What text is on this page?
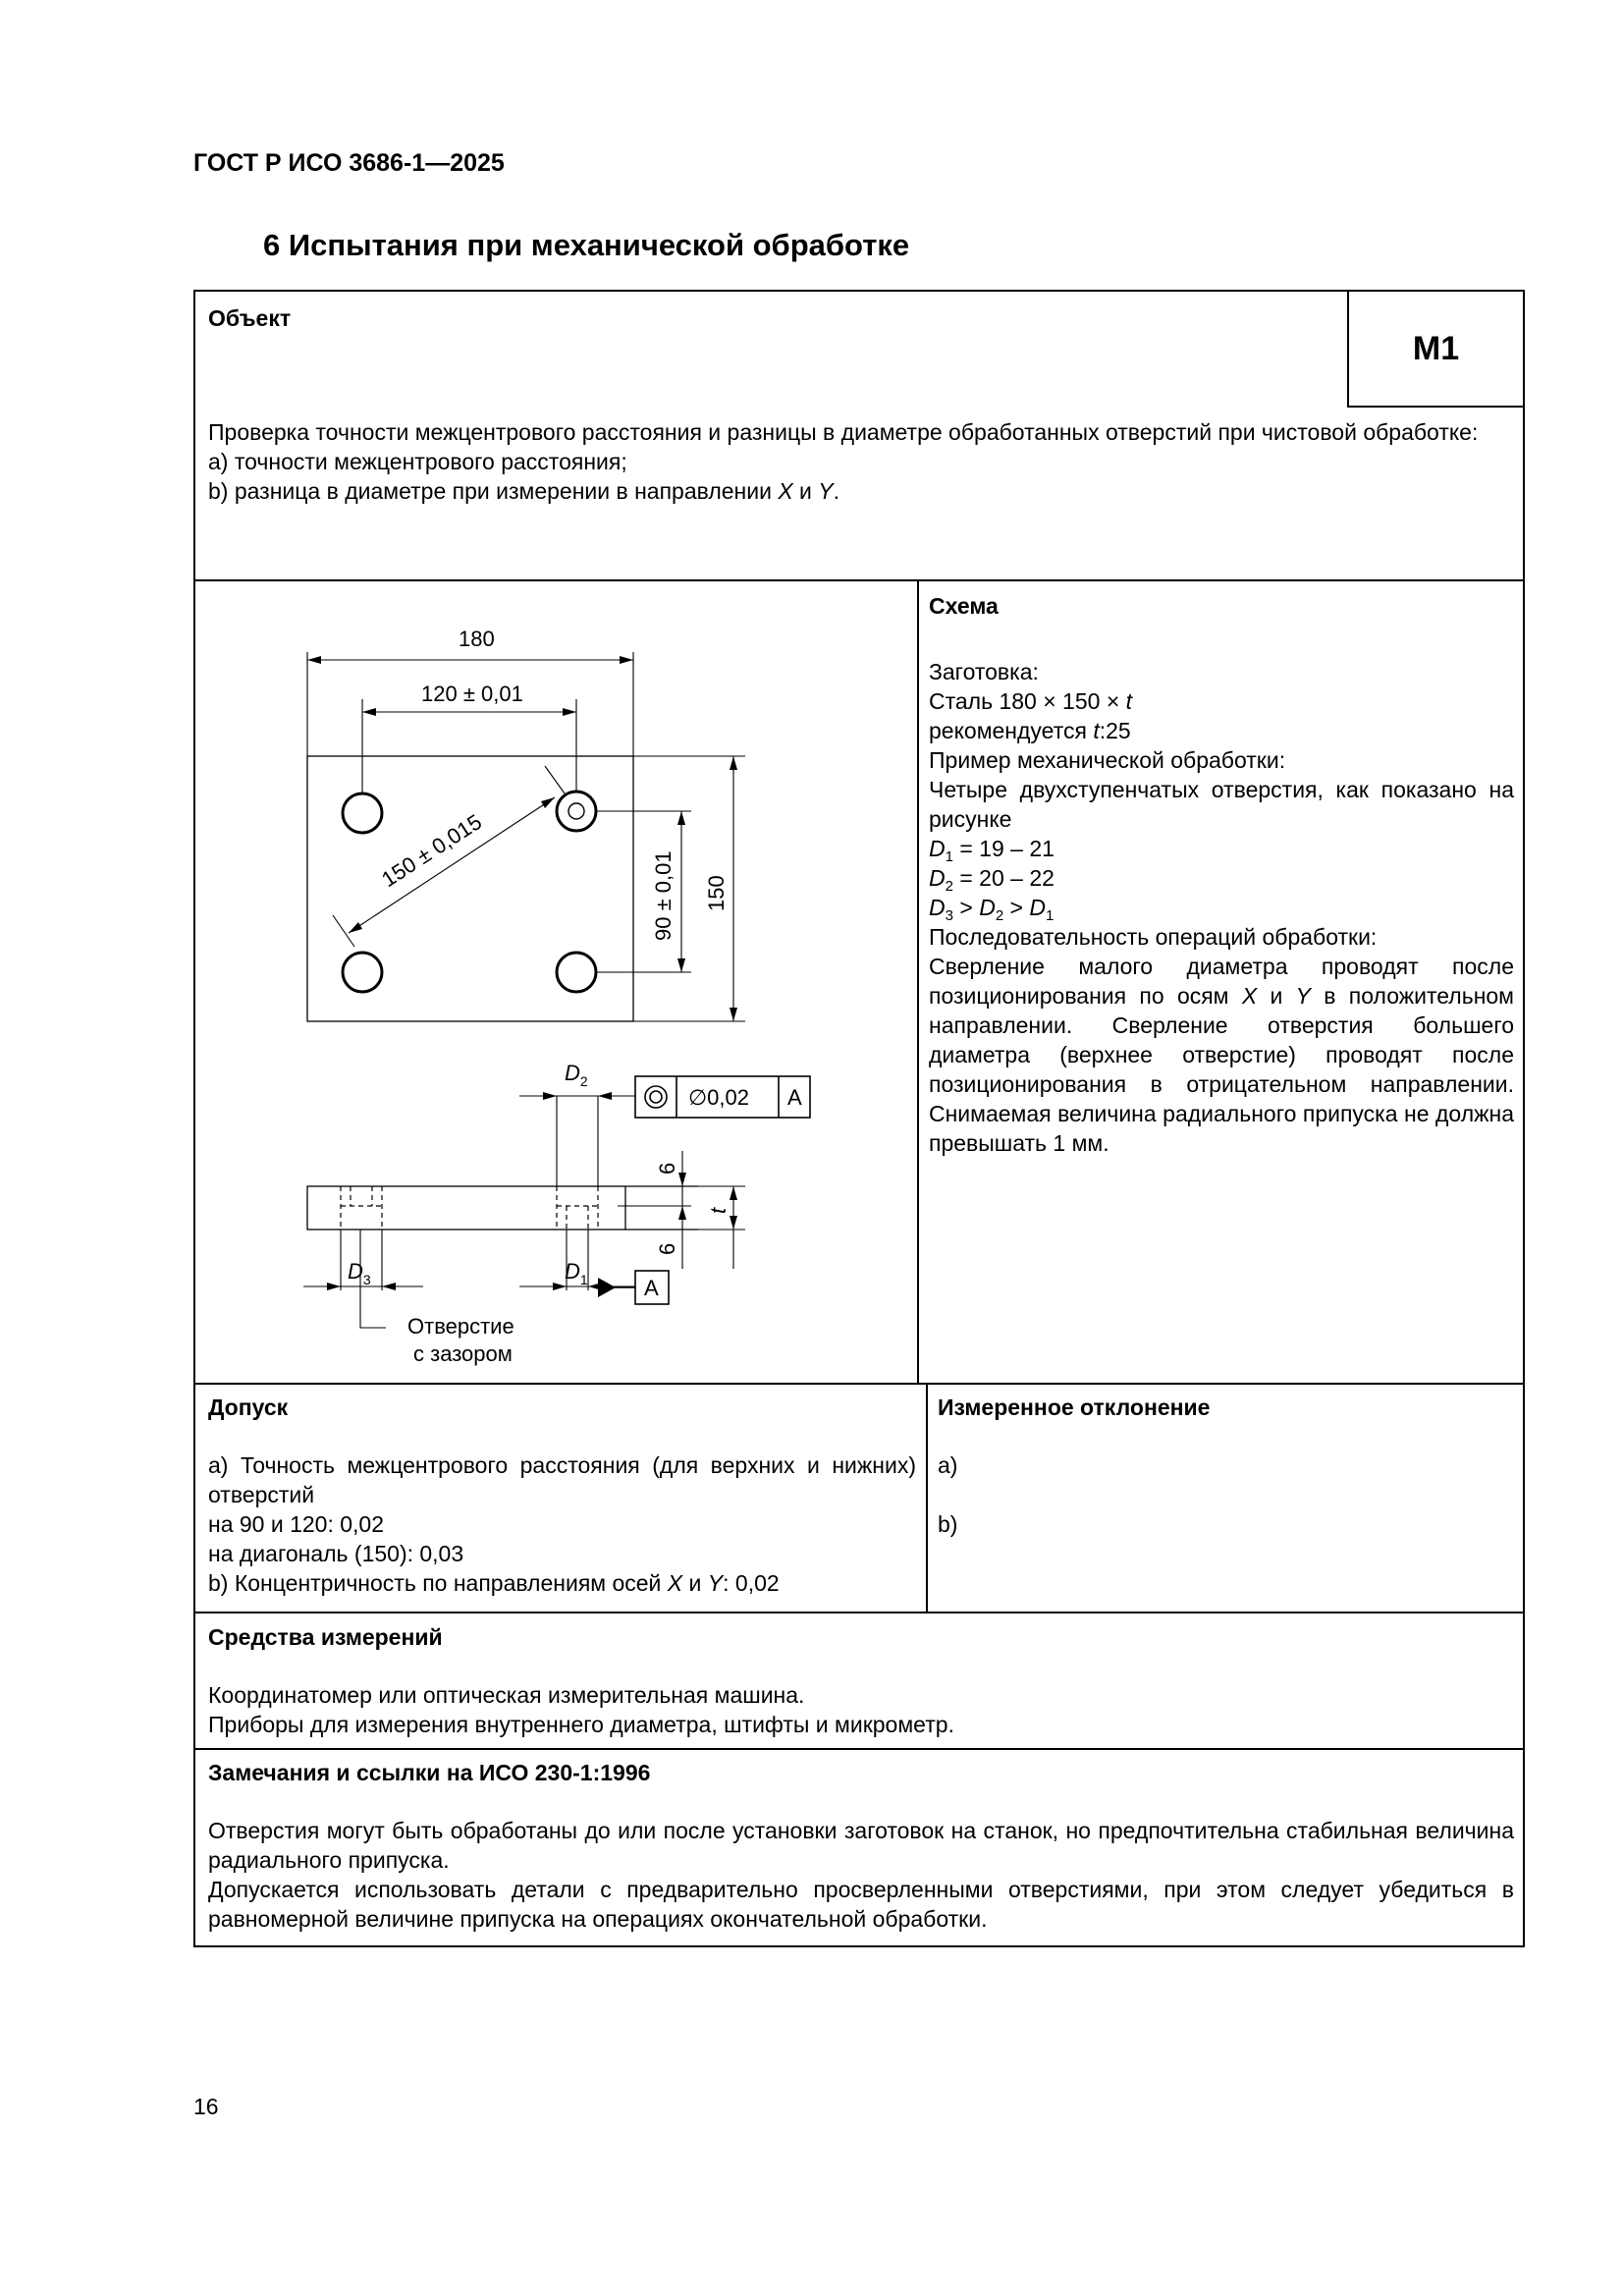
ГОСТ Р ИСО 3686-1—2025
6 Испытания при механической обработке
Объект
M1

Проверка точности межцентрового расстояния и разницы в диаметре обработанных отверстий при чистовой обработке:

a) точности межцентрового расстояния;

b) разница в диаметре при измерении в направлении X и Y.

180
120 ± 0,01
150 ± 0,015
90 ± 0,01 150
$D_2$
∅0,02 A
6
6
t
$D_3$	$D_1$	A
Отверстие
с зазором
Схема

Заготовка:

Сталь 180 × 150 × t

рекомендуется t:25

Пример механической обработки:

Четыре двухступенчатых отверстия, как показано на рисунке

$D_1 = 19 - 21$

$D_2 = 20 - 22$

$D_3 > D_2 > D_1$

Последовательность операций обработки:

Сверление малого диаметра проводят после позиционирования по осям X и Y в положительном направлении. Сверление отверстия большего диаметра (верхнее отверстие) проводят после позиционирования в отрицательном направлении. Снимаемая величина радиального припуска не должна превышать 1 мм.

Допуск

a) Точность межцентрового расстояния (для верхних и нижних) отверстий

на 90 и 120: 0,02

на диагональ (150): 0,03

b) Концентричность по направлениям осей X и Y: 0,02

Измеренное отклонение

a)

b)

Средства измерений

Координатомер или оптическая измерительная машина.

Приборы для измерения внутреннего диаметра, штифты и микрометр.

Замечания и ссылки на ИСО 230-1:1996

Отверстия могут быть обработаны до или после установки заготовок на станок, но предпочтительна стабильная величина радиального припуска.

Допускается использовать детали с предварительно просверленными отверстиями, при этом следует убедиться в равномерной величине припуска на операциях окончательной обработки.

16
